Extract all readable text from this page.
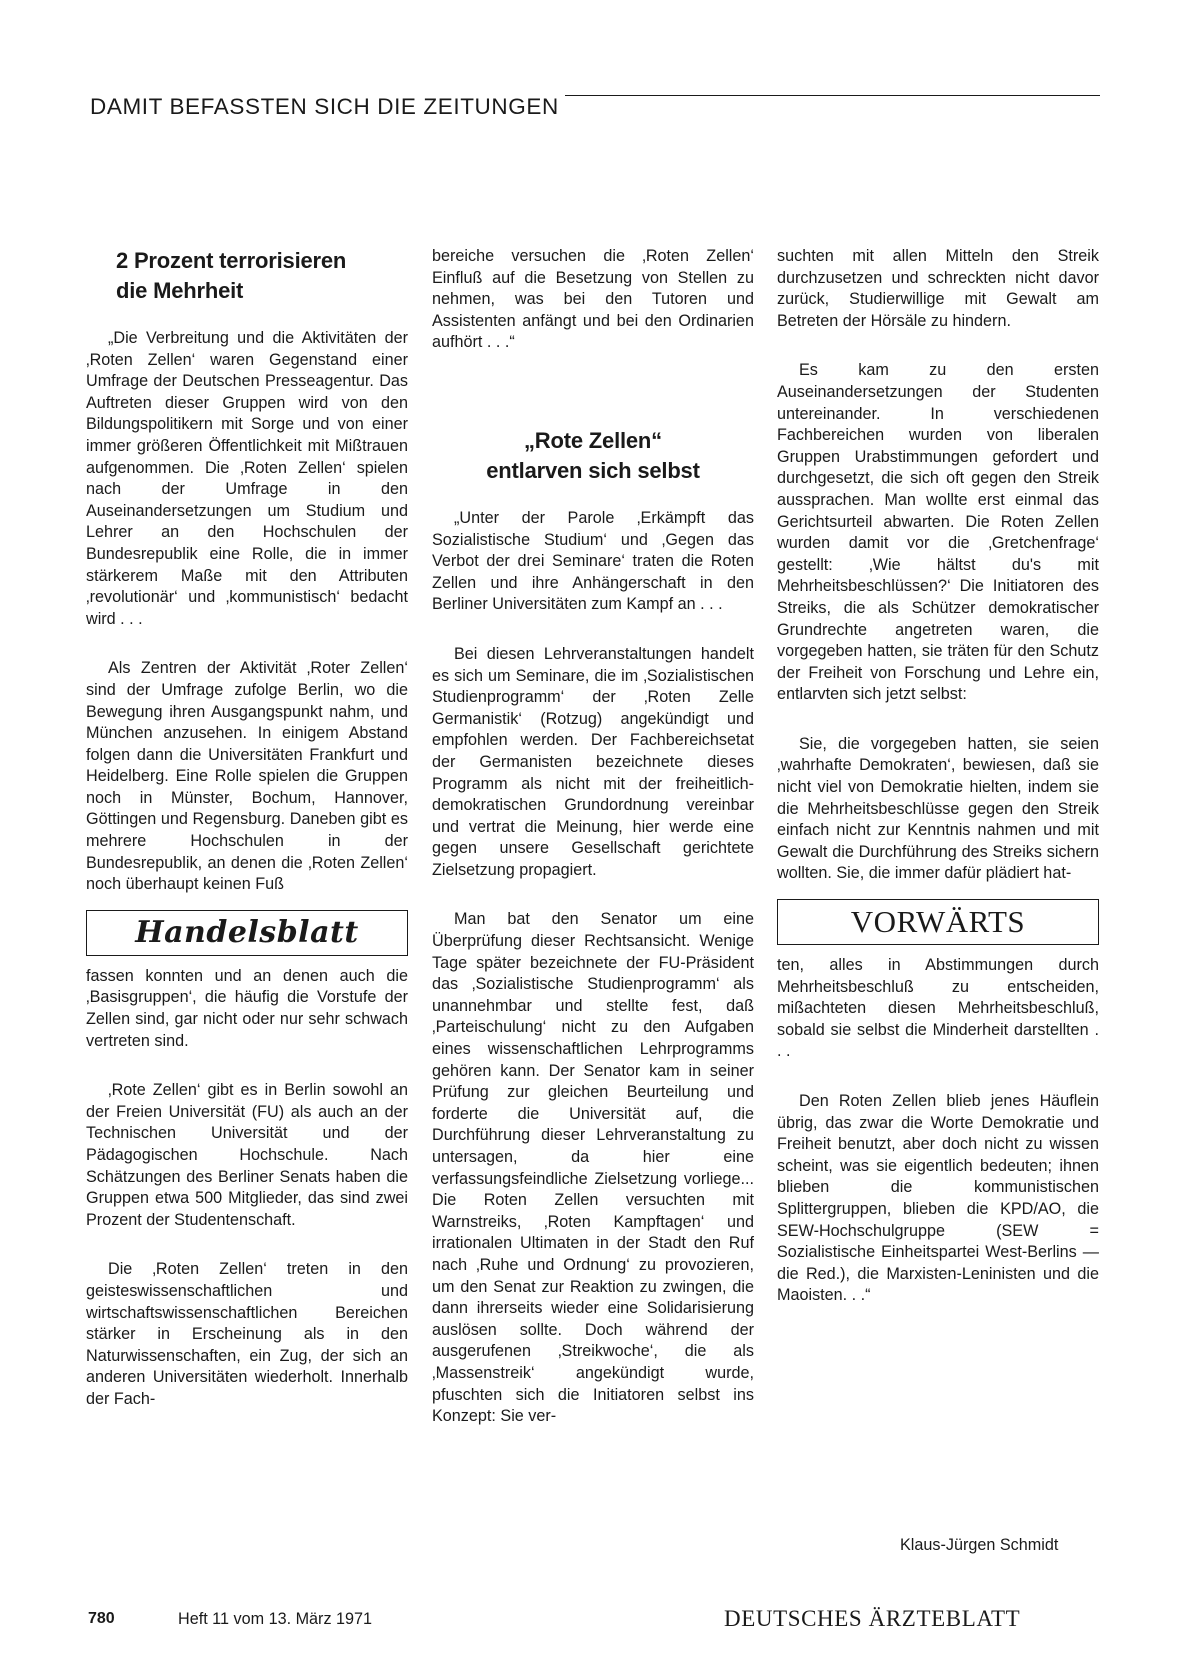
DAMIT BEFASSTEN SICH DIE ZEITUNGEN
2 Prozent terrorisieren
die Mehrheit

„Die Verbreitung und die Aktivitäten der ‚Roten Zellen‘ waren Gegenstand einer Umfrage der Deutschen Presseagentur. Das Auftreten dieser Gruppen wird von den Bildungspolitikern mit Sorge und von einer immer größeren Öffentlichkeit mit Mißtrauen aufgenommen. Die ‚Roten Zellen‘ spielen nach der Umfrage in den Auseinandersetzungen um Studium und Lehrer an den Hochschulen der Bundesrepublik eine Rolle, die in immer stärkerem Maße mit den Attributen ‚revolutionär‘ und ‚kommunistisch‘ bedacht wird . . .

Als Zentren der Aktivität ‚Roter Zellen‘ sind der Umfrage zufolge Berlin, wo die Bewegung ihren Ausgangspunkt nahm, und München anzusehen. In einigem Abstand folgen dann die Universitäten Frankfurt und Heidelberg. Eine Rolle spielen die Gruppen noch in Münster, Bochum, Hannover, Göttingen und Regensburg. Daneben gibt es mehrere Hochschulen in der Bundesrepublik, an denen die ‚Roten Zellen‘ noch überhaupt keinen Fuß

Handelsblatt

fassen konnten und an denen auch die ‚Basisgruppen‘, die häufig die Vorstufe der Zellen sind, gar nicht oder nur sehr schwach vertreten sind.

‚Rote Zellen‘ gibt es in Berlin sowohl an der Freien Universität (FU) als auch an der Technischen Universität und der Pädagogischen Hochschule. Nach Schätzungen des Berliner Senats haben die Gruppen etwa 500 Mitglieder, das sind zwei Prozent der Studentenschaft.

Die ‚Roten Zellen‘ treten in den geisteswissenschaftlichen und wirtschaftswissenschaftlichen Bereichen stärker in Erscheinung als in den Naturwissenschaften, ein Zug, der sich an anderen Universitäten wiederholt. Innerhalb der Fach-

bereiche versuchen die ‚Roten Zellen‘ Einfluß auf die Besetzung von Stellen zu nehmen, was bei den Tutoren und Assistenten anfängt und bei den Ordinarien aufhört . . .“

„Rote Zellen“
entlarven sich selbst

„Unter der Parole ‚Erkämpft das Sozialistische Studium‘ und ‚Gegen das Verbot der drei Seminare‘ traten die Roten Zellen und ihre Anhängerschaft in den Berliner Universitäten zum Kampf an . . .

Bei diesen Lehrveranstaltungen handelt es sich um Seminare, die im ‚Sozialistischen Studienprogramm‘ der ‚Roten Zelle Germanistik‘ (Rotzug) angekündigt und empfohlen werden. Der Fachbereichsetat der Germanisten bezeichnete dieses Programm als nicht mit der freiheitlich-demokratischen Grundordnung vereinbar und vertrat die Meinung, hier werde eine gegen unsere Gesellschaft gerichtete Zielsetzung propagiert.

Man bat den Senator um eine Überprüfung dieser Rechtsansicht. Wenige Tage später bezeichnete der FU-Präsident das ‚Sozialistische Studienprogramm‘ als unannehmbar und stellte fest, daß ‚Parteischulung‘ nicht zu den Aufgaben eines wissenschaftlichen Lehrprogramms gehören kann. Der Senator kam in seiner Prüfung zur gleichen Beurteilung und forderte die Universität auf, die Durchführung dieser Lehrveranstaltung zu untersagen, da hier eine verfassungsfeindliche Zielsetzung vorliege... Die Roten Zellen versuchten mit Warnstreiks, ‚Roten Kampftagen‘ und irrationalen Ultimaten in der Stadt den Ruf nach ‚Ruhe und Ordnung‘ zu provozieren, um den Senat zur Reaktion zu zwingen, die dann ihrerseits wieder eine Solidarisierung auslösen sollte. Doch während der ausgerufenen ‚Streikwoche‘, die als ‚Massenstreik‘ angekündigt wurde, pfuschten sich die Initiatoren selbst ins Konzept: Sie ver-

suchten mit allen Mitteln den Streik durchzusetzen und schreckten nicht davor zurück, Studierwillige mit Gewalt am Betreten der Hörsäle zu hindern.

Es kam zu den ersten Auseinandersetzungen der Studenten untereinander. In verschiedenen Fachbereichen wurden von liberalen Gruppen Urabstimmungen gefordert und durchgesetzt, die sich oft gegen den Streik aussprachen. Man wollte erst einmal das Gerichtsurteil abwarten. Die Roten Zellen wurden damit vor die ‚Gretchenfrage‘ gestellt: ‚Wie hältst du's mit Mehrheitsbeschlüssen?‘ Die Initiatoren des Streiks, die als Schützer demokratischer Grundrechte angetreten waren, die vorgegeben hatten, sie träten für den Schutz der Freiheit von Forschung und Lehre ein, entlarvten sich jetzt selbst:

Sie, die vorgegeben hatten, sie seien ‚wahrhafte Demokraten‘, bewiesen, daß sie nicht viel von Demokratie hielten, indem sie die Mehrheitsbeschlüsse gegen den Streik einfach nicht zur Kenntnis nahmen und mit Gewalt die Durchführung des Streiks sichern wollten. Sie, die immer dafür plädiert hat-

VORWÄRTS

ten, alles in Abstimmungen durch Mehrheitsbeschluß zu entscheiden, mißachteten diesen Mehrheitsbeschluß, sobald sie selbst die Minderheit darstellten . . .

Den Roten Zellen blieb jenes Häuflein übrig, das zwar die Worte Demokratie und Freiheit benutzt, aber doch nicht zu wissen scheint, was sie eigentlich bedeuten; ihnen blieben die kommunistischen Splittergruppen, blieben die KPD/AO, die SEW-Hochschulgruppe (SEW = Sozialistische Einheitspartei West-Berlins — die Red.), die Marxisten-Leninisten und die Maoisten. . .“

Klaus-Jürgen Schmidt
780	Heft 11 vom 13. März 1971	DEUTSCHES ÄRZTEBLATT
